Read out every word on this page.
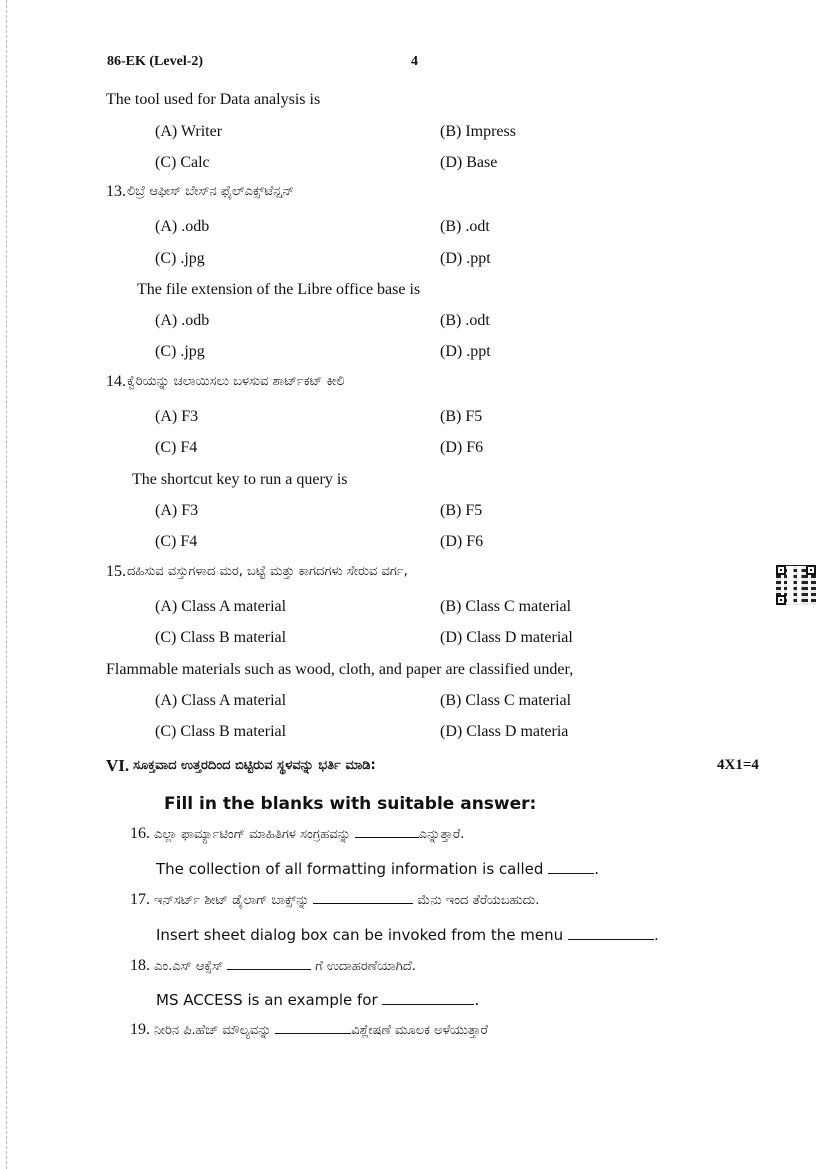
86-EK (Level-2)	4
The tool used for Data analysis is
(A) Writer	(B) Impress
(C) Calc	(D) Base
13. ಲಿಬ್ರೆ ಆಫೀಸ್ ಬೇಸ್‌ನ ಫೈಲ್‌ಎಕ್ಸ್‌ಟೆನ್ಷನ್
(A) .odb	(B) .odt
(C) .jpg	(D) .ppt
The file extension of the Libre office base is
(A) .odb	(B) .odt
(C) .jpg	(D) .ppt
14. ಕ್ವೆರಿಯನ್ನು ಚಲಾಯಿಸಲು ಬಳಸುವ ಶಾರ್ಟ್‌ಕಟ್ ಕೀಲಿ
(A) F3	(B) F5
(C) F4	(D) F6
The shortcut key to run a query is
(A) F3	(B) F5
(C) F4	(D) F6
15. ದಹಿಸುವ ವಸ್ತುಗಳಾದ ಮರ, ಬಟ್ಟೆ ಮತ್ತು ಕಾಗದಗಳು ಸೇರುವ ವರ್ಗ,
(A) Class A material	(B) Class C material
(C) Class B material	(D) Class D material
Flammable materials such as wood, cloth, and paper are classified under,
(A) Class A material	(B) Class C material
(C) Class B material	(D) Class D materia
VI. ಸೂಕ್ತವಾದ ಉತ್ತರದಿಂದ ಬಿಟ್ಟಿರುವ ಸ್ಥಳವನ್ನು ಭರ್ತಿ ಮಾಡಿ:	4X1=4
Fill in the blanks with suitable answer:
16. ಎಲ್ಲಾ ಫಾರ್ಮ್ಯಾಟಿಂಗ್ ಮಾಹಿತಿಗಳ ಸಂಗ್ರಹವನ್ನು	ಎನ್ನುತ್ತಾರೆ.
The collection of all formatting information is called	.
17. ಇನ್‌ಸರ್ಟ್ ಶೀಟ್ ಡೈಲಾಗ್ ಬಾಕ್ಸ್‌ನ್ನು	ಮೆನು ಇಂದ ತೆರೆಯಬಹುದು.
Insert sheet dialog box can be invoked from the menu	.
18. ಎಂ.ಎಸ್ ಆಕ್ಸೆಸ್	ಗೆ ಉದಾಹರಣೆಯಾಗಿದೆ.
MS ACCESS is an example for	.
19. ನೀರಿನ ಪಿ.ಹೆಚ್ ಮೌಲ್ಯವನ್ನು	ವಿಶ್ಲೇಷಣೆ ಮೂಲಕ ಅಳೆಯುತ್ತಾರೆ
